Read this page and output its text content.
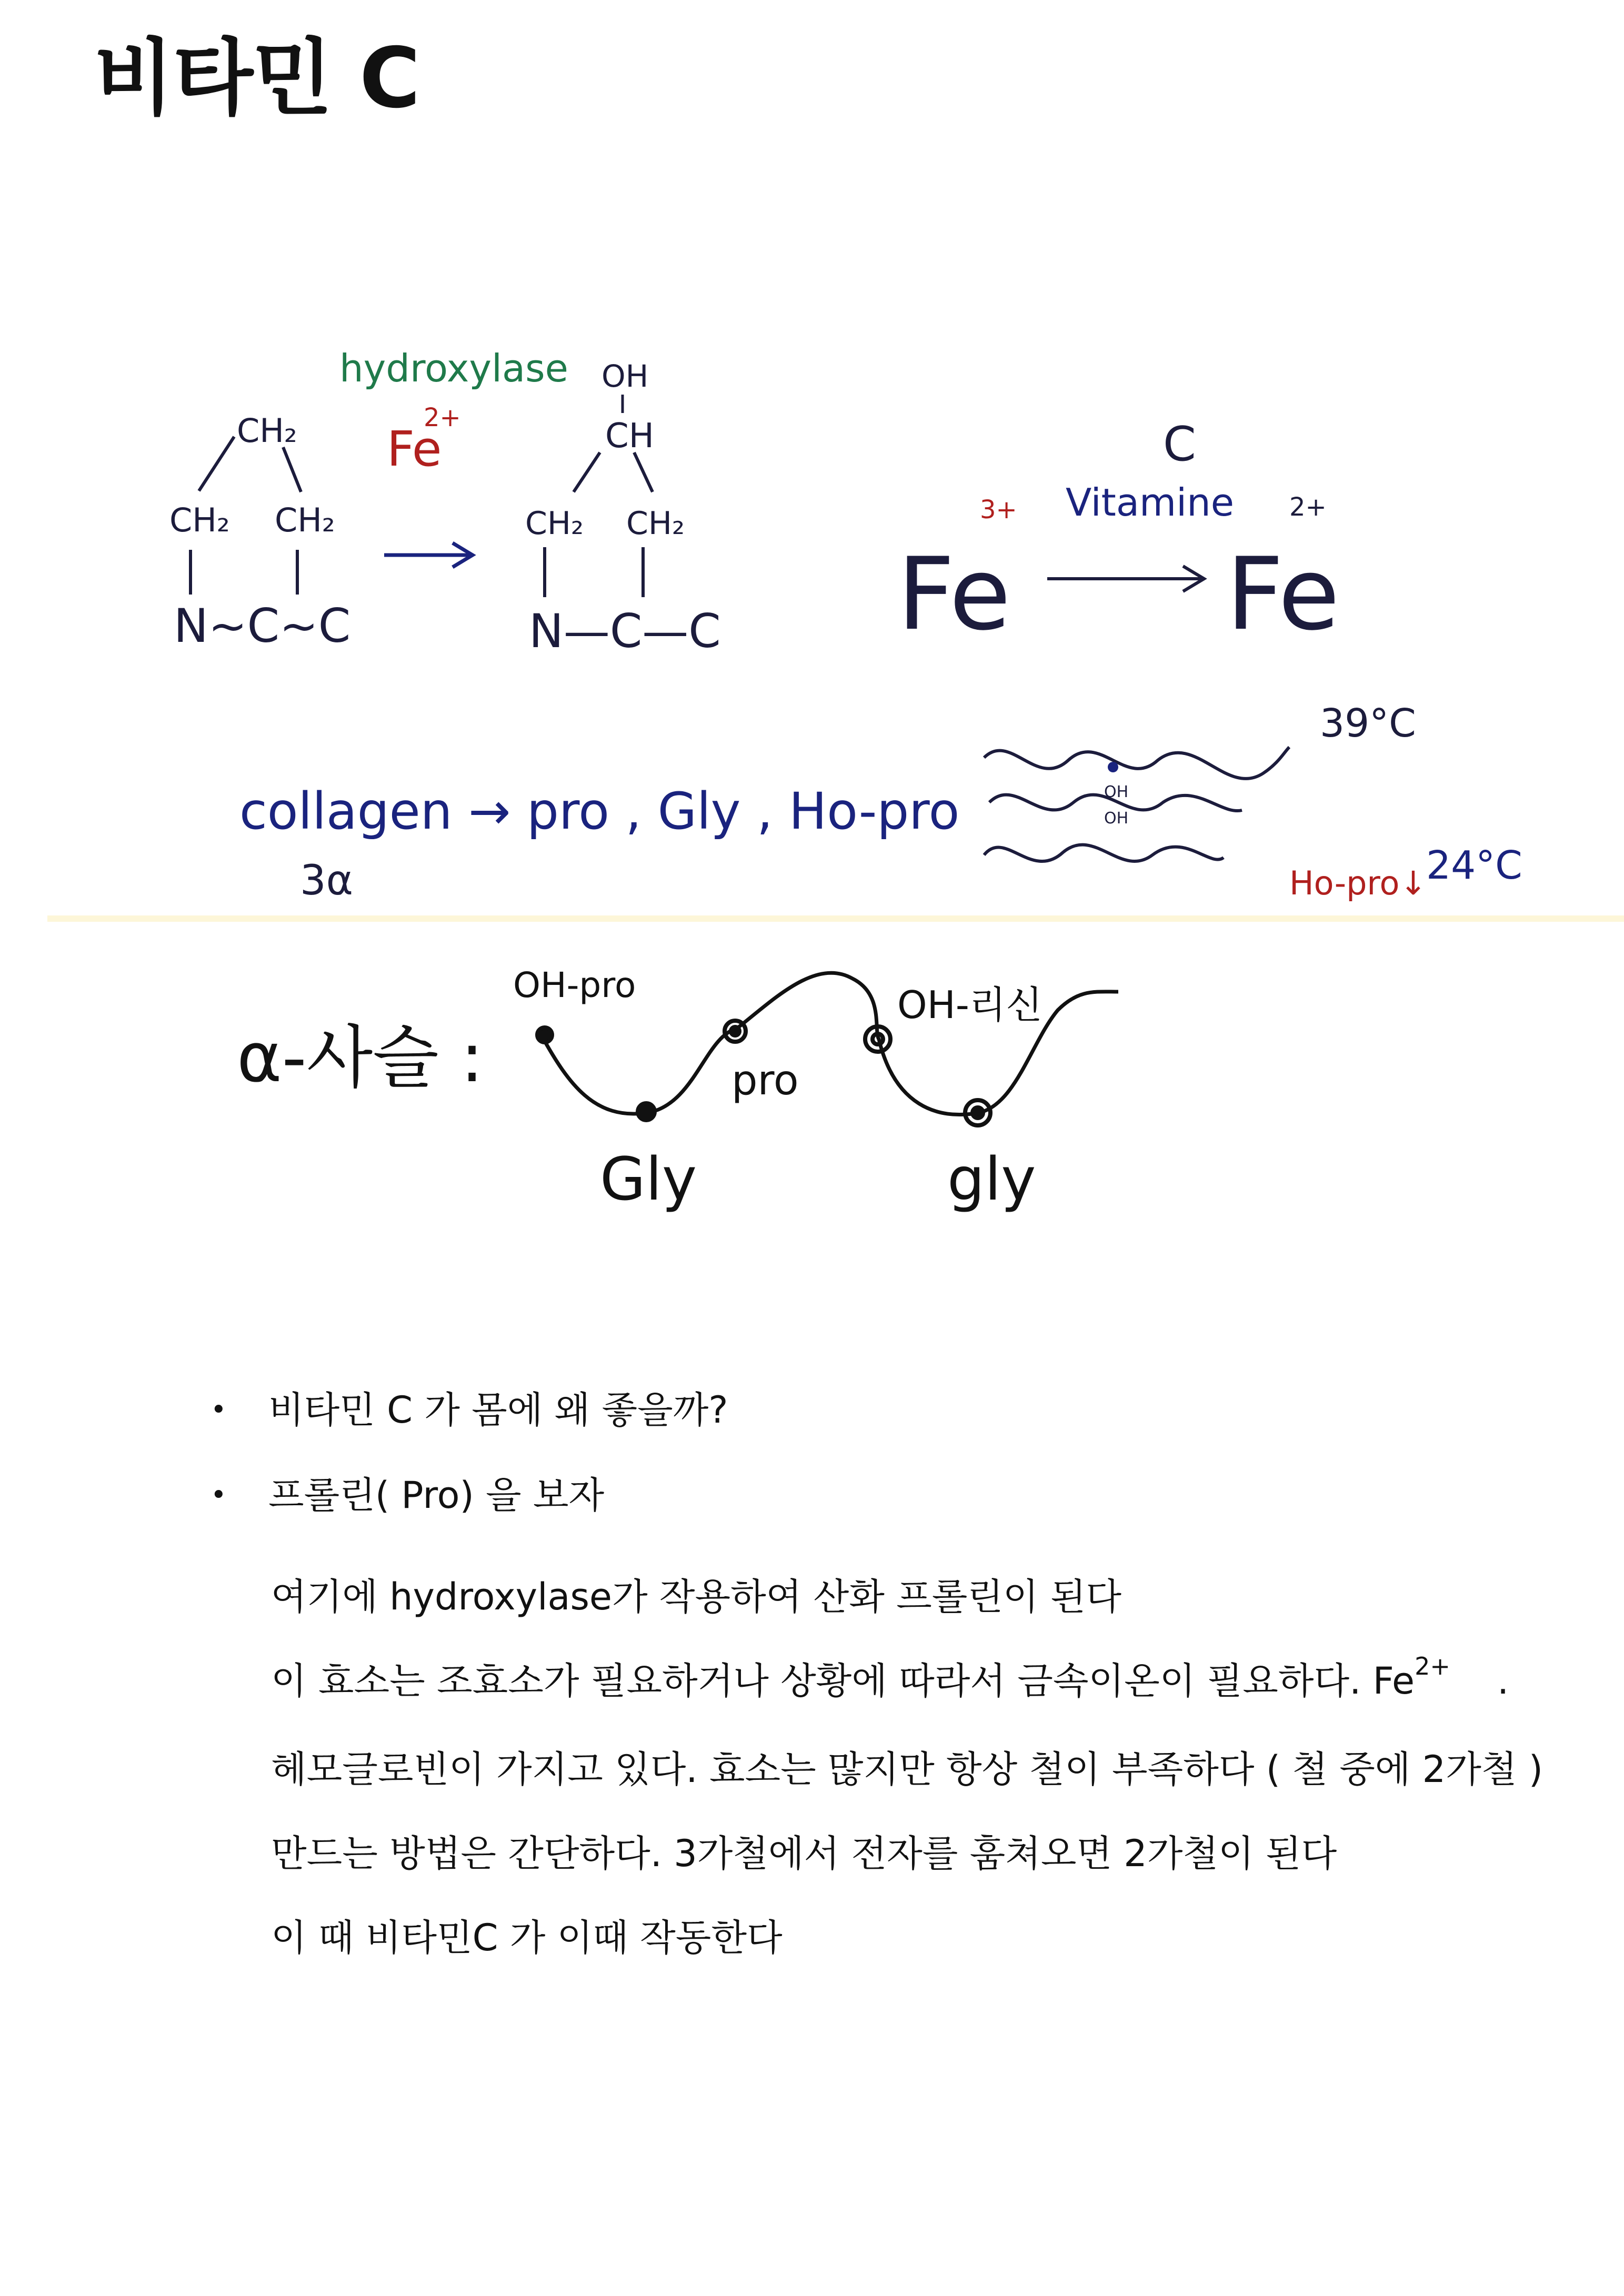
비타민 C
CH₂
CH₂ CH₂
N~C~C
hydroxylase
Fe
2+
OH
CH
CH₂ CH₂
N—C—C Fe
3+
C
Vitamine
Fe
2+
collagen → pro , Gly , Ho-pro
3α
OH
OH
39°C
Ho-pro↓
24°C
α-사슬 :
OH-pro
pro
OH-리신
Gly	gly
• 비타민 C 가 몸에 왜 좋을까?
• 프롤린( Pro) 을 보자

여기에 hydroxylase가 작용하여 산화 프롤린이 된다

이 효소는 조효소가 필요하거나 상황에 따라서 금속이온이 필요하다. $Fe^{2+}$    .

헤모글로빈이 가지고 있다. 효소는 많지만 항상 철이 부족하다 ( 철 중에 2가철 )

만드는 방법은 간단하다. 3가철에서 전자를 훔쳐오면 2가철이 된다

이 때 비타민C 가 이때 작동한다
